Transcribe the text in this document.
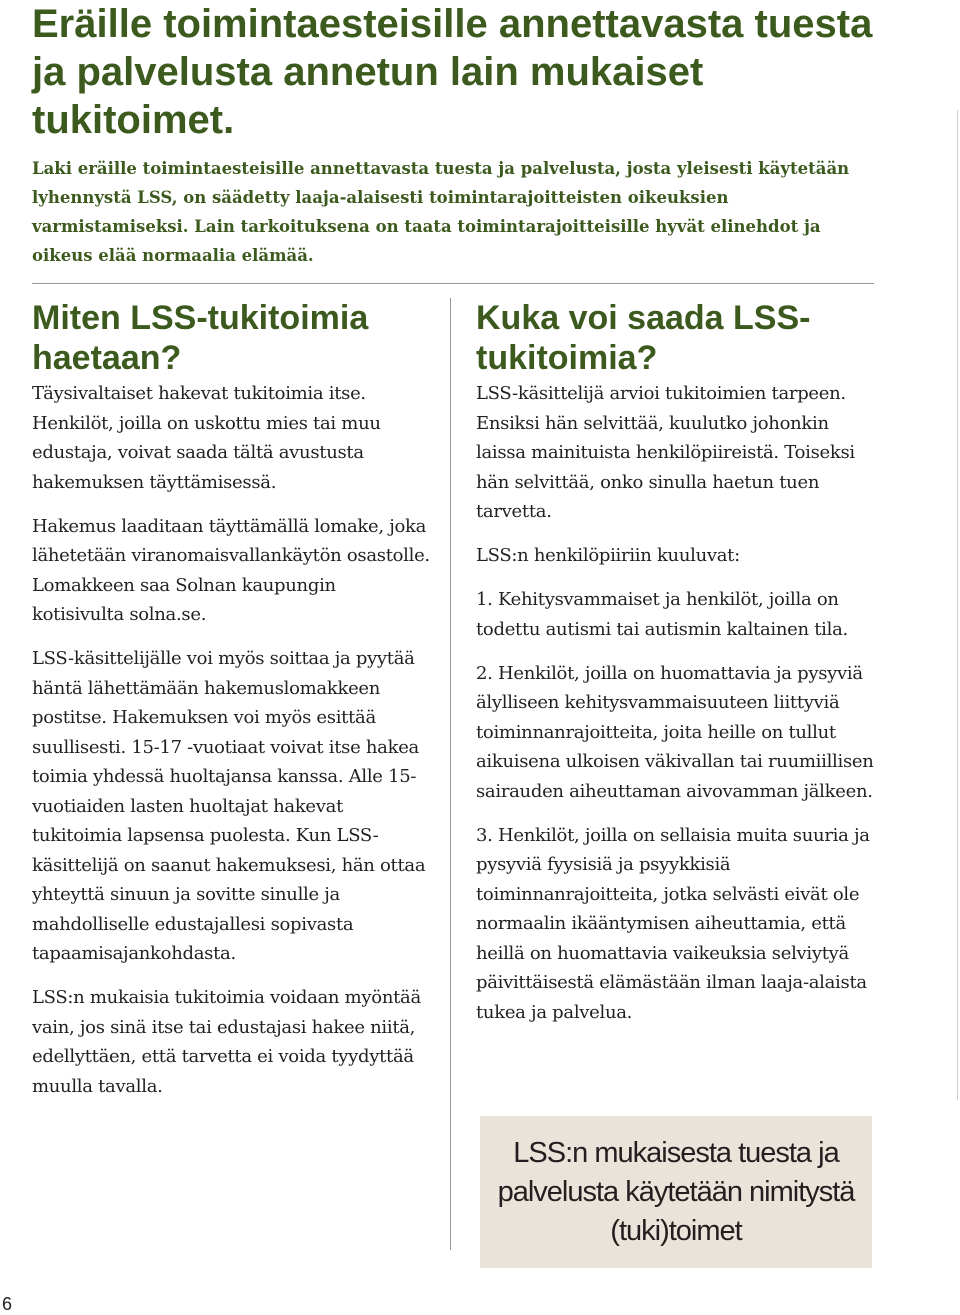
Eräille toimintaesteisille annettavasta tuesta ja palvelusta annetun lain mukaiset tukitoimet.

Laki eräille toimintaesteisille annettavasta tuesta ja palvelusta, josta yleisesti käytetään lyhennystä LSS, on säädetty laaja-alaisesti toimintarajoitteisten oikeuksien varmistamiseksi. Lain tarkoituksena on taata toimintarajoitteisille hyvät elinehdot ja oikeus elää normaalia elämää.

Miten LSS-tukitoimia haetaan?

Täysivaltaiset hakevat tukitoimia itse. Henkilöt, joilla on uskottu mies tai muu edustaja, voivat saada tältä avustusta hakemuksen täyttämisessä.

Hakemus laaditaan täyttämällä lomake, joka lähetetään viranomaisvallankäytön osastolle. Lomakkeen saa Solnan kaupungin kotisivulta solna.se.

LSS-käsittelijälle voi myös soittaa ja pyytää häntä lähettämään hakemuslomakkeen postitse. Hakemuksen voi myös esittää suullisesti. 15-17 -vuotiaat voivat itse hakea toimia yhdessä huoltajansa kanssa. Alle 15-vuotiaiden lasten huoltajat hakevat tukitoimia lapsensa puolesta. Kun LSS-käsittelijä on saanut hakemuksesi, hän ottaa yhteyttä sinuun ja sovitte sinulle ja mahdolliselle edustajallesi sopivasta tapaamisajankohdasta.

LSS:n mukaisia tukitoimia voidaan myöntää vain, jos sinä itse tai edustajasi hakee niitä, edellyttäen, että tarvetta ei voida tyydyttää muulla tavalla.

Kuka voi saada LSS-tukitoimia?

LSS-käsittelijä arvioi tukitoimien tarpeen. Ensiksi hän selvittää, kuulutko johonkin laissa mainituista henkilöpiireistä. Toiseksi hän selvittää, onko sinulla haetun tuen tarvetta.

LSS:n henkilöpiiriin kuuluvat:

1. Kehitysvammaiset ja henkilöt, joilla on todettu autismi tai autismin kaltainen tila.

2. Henkilöt, joilla on huomattavia ja pysyviä älylliseen kehitysvammaisuuteen liittyviä toiminnanrajoitteita, joita heille on tullut aikuisena ulkoisen väkivallan tai ruumiillisen sairauden aiheuttaman aivovamman jälkeen.

3. Henkilöt, joilla on sellaisia muita suuria ja pysyviä fyysisiä ja psyykkisiä toiminnanrajoitteita, jotka selvästi eivät ole normaalin ikääntymisen aiheuttamia, että heillä on huomattavia vaikeuksia selviytyä päivittäisestä elämästään ilman laaja-alaista tukea ja palvelua.

LSS:n mukaisesta tuesta ja palvelusta käytetään nimitystä (tuki)toimet
6
